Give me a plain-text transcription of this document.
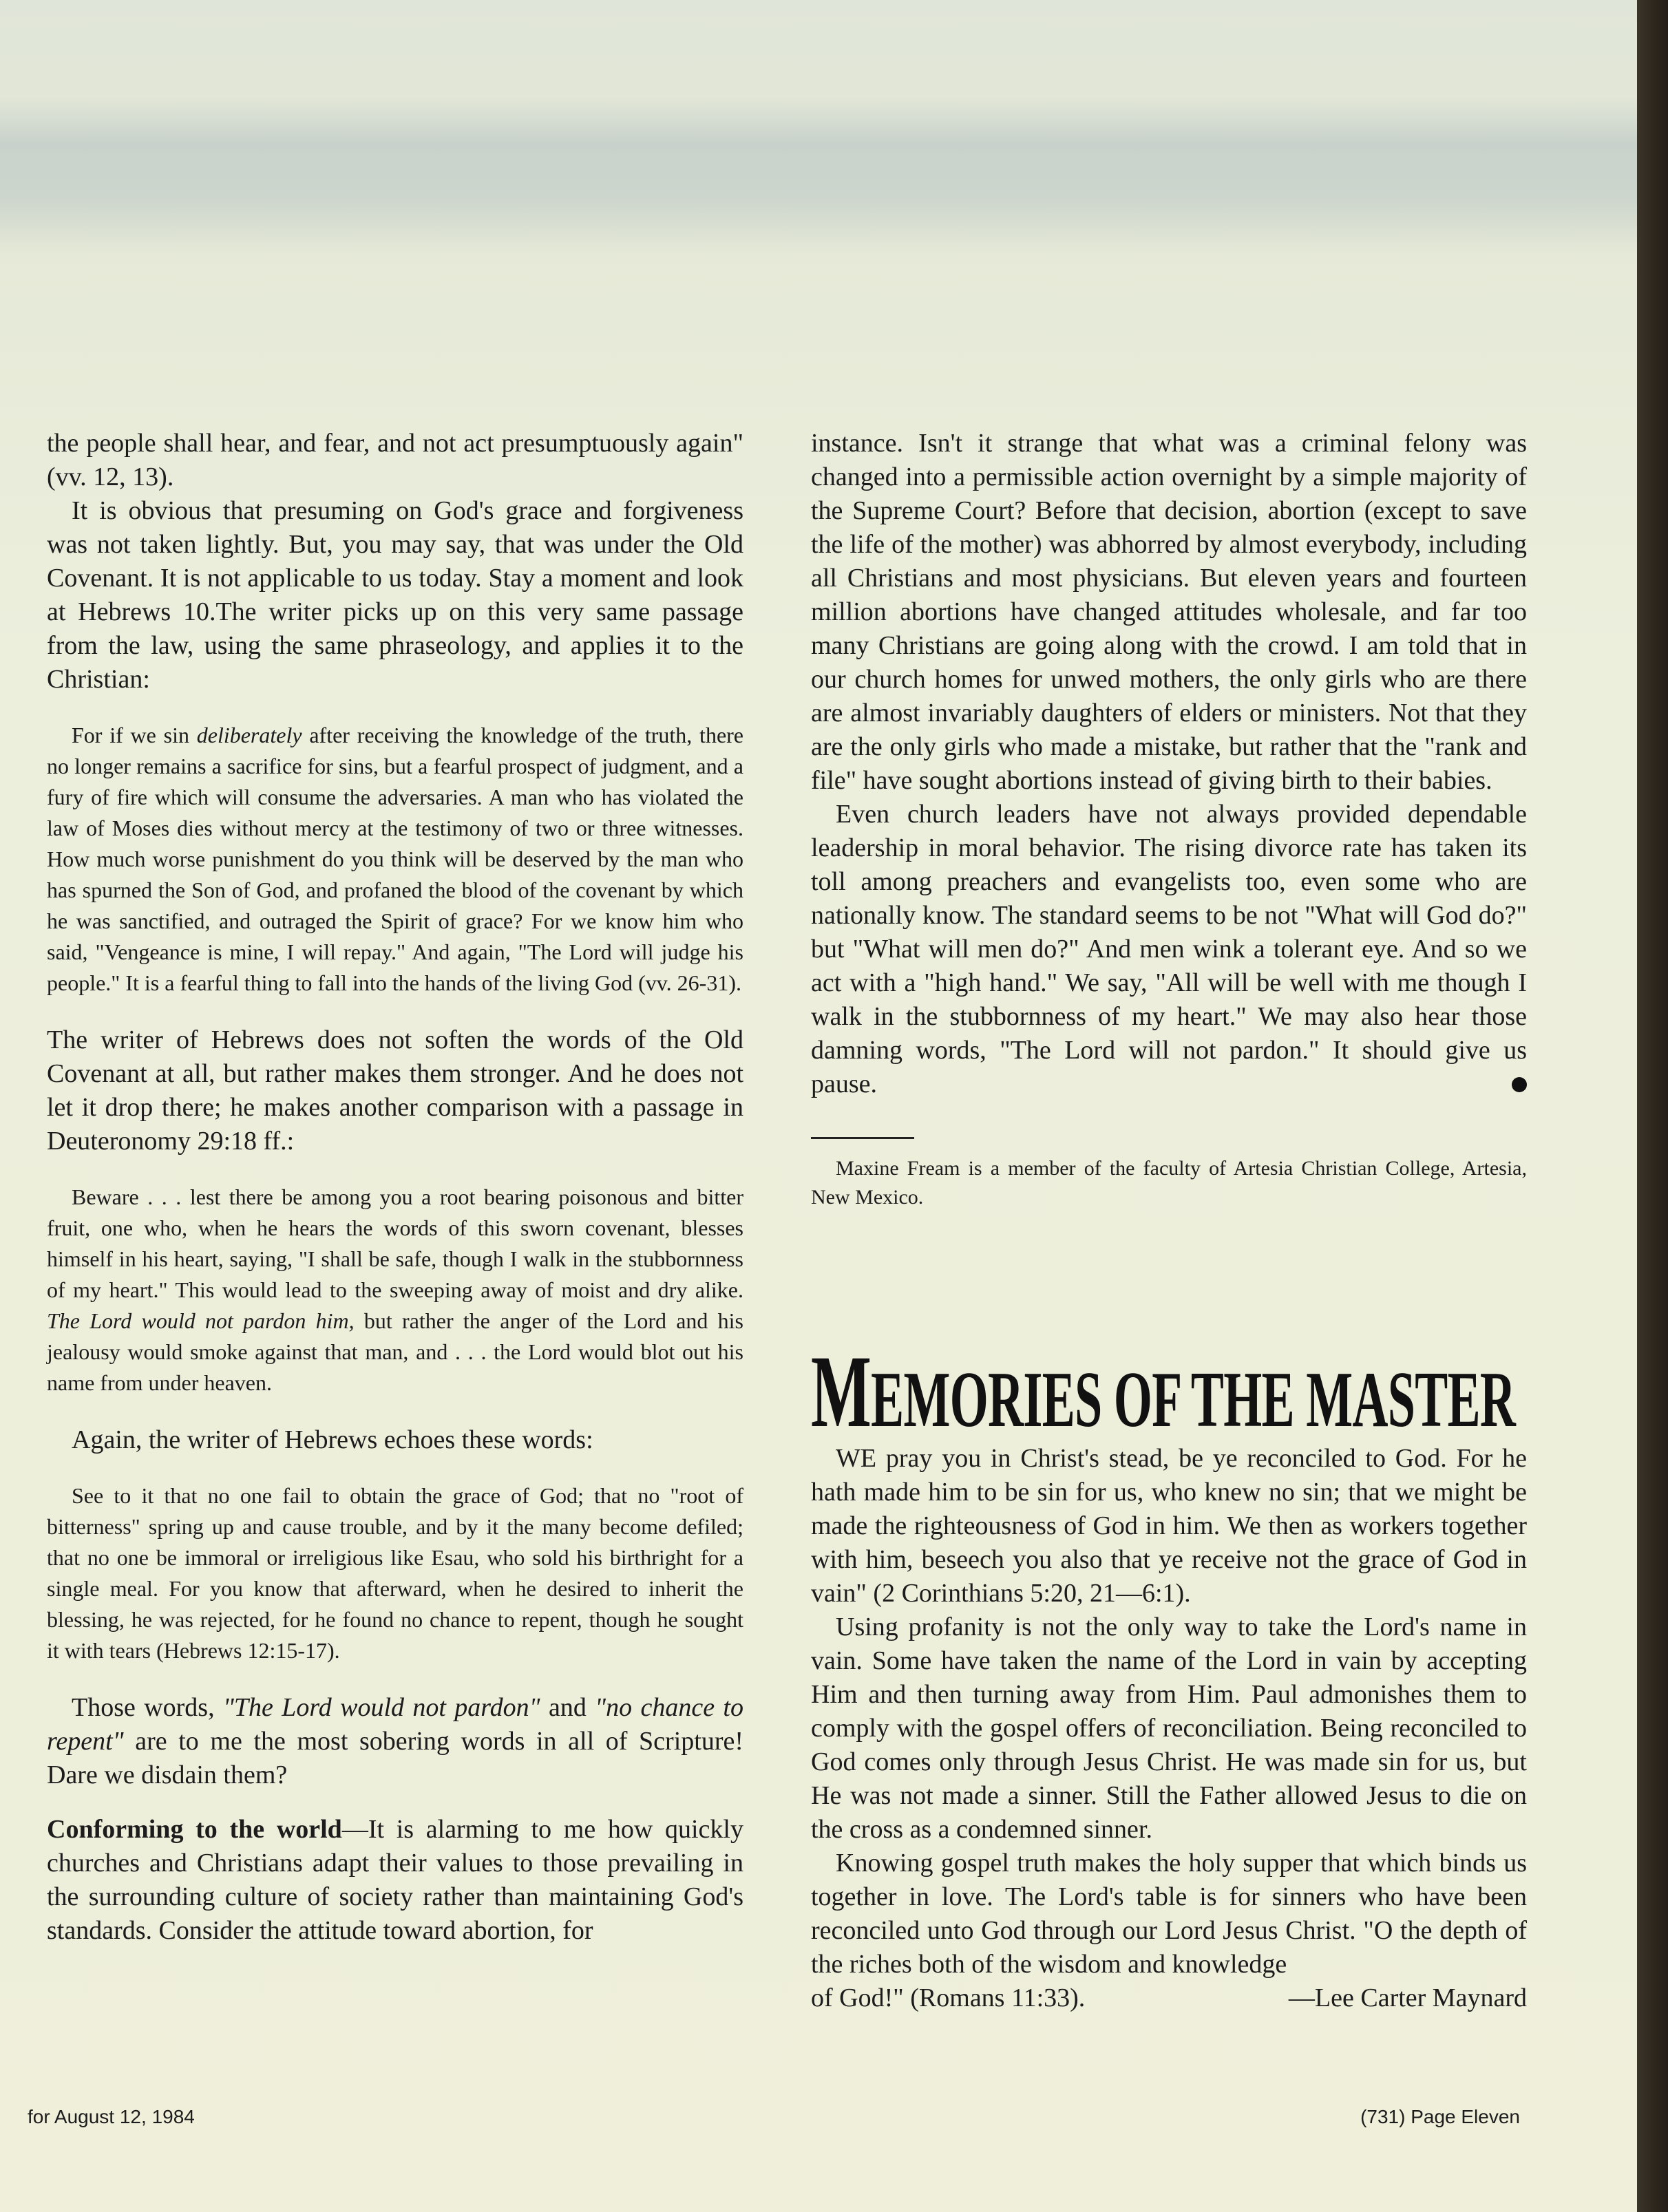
the people shall hear, and fear, and not act presumptuously again" (vv. 12, 13).

It is obvious that presuming on God's grace and forgiveness was not taken lightly. But, you may say, that was under the Old Covenant. It is not applicable to us today. Stay a moment and look at Hebrews 10.The writer picks up on this very same passage from the law, using the same phraseology, and applies it to the Christian:

For if we sin deliberately after receiving the knowledge of the truth, there no longer remains a sacrifice for sins, but a fearful prospect of judgment, and a fury of fire which will consume the adversaries. A man who has violated the law of Moses dies without mercy at the testimony of two or three witnesses. How much worse punishment do you think will be deserved by the man who has spurned the Son of God, and profaned the blood of the covenant by which he was sanctified, and outraged the Spirit of grace? For we know him who said, "Vengeance is mine, I will repay." And again, "The Lord will judge his people." It is a fearful thing to fall into the hands of the living God (vv. 26-31).

The writer of Hebrews does not soften the words of the Old Covenant at all, but rather makes them stronger. And he does not let it drop there; he makes another comparison with a passage in Deuteronomy 29:18 ff.:

Beware . . . lest there be among you a root bearing poisonous and bitter fruit, one who, when he hears the words of this sworn covenant, blesses himself in his heart, saying, "I shall be safe, though I walk in the stubbornness of my heart." This would lead to the sweeping away of moist and dry alike. The Lord would not pardon him, but rather the anger of the Lord and his jealousy would smoke against that man, and . . . the Lord would blot out his name from under heaven.

Again, the writer of Hebrews echoes these words:

See to it that no one fail to obtain the grace of God; that no "root of bitterness" spring up and cause trouble, and by it the many become defiled; that no one be immoral or irreligious like Esau, who sold his birthright for a single meal. For you know that afterward, when he desired to inherit the blessing, he was rejected, for he found no chance to repent, though he sought it with tears (Hebrews 12:15-17).

Those words, "The Lord would not pardon" and "no chance to repent" are to me the most sobering words in all of Scripture! Dare we disdain them?

Conforming to the world—It is alarming to me how quickly churches and Christians adapt their values to those prevailing in the surrounding culture of society rather than maintaining God's standards. Consider the attitude toward abortion, for

instance. Isn't it strange that what was a criminal felony was changed into a permissible action overnight by a simple majority of the Supreme Court? Before that decision, abortion (except to save the life of the mother) was abhorred by almost everybody, including all Christians and most physicians. But eleven years and fourteen million abortions have changed attitudes wholesale, and far too many Christians are going along with the crowd. I am told that in our church homes for unwed mothers, the only girls who are there are almost invariably daughters of elders or ministers. Not that they are the only girls who made a mistake, but rather that the "rank and file" have sought abortions instead of giving birth to their babies.

Even church leaders have not always provided dependable leadership in moral behavior. The rising divorce rate has taken its toll among preachers and evangelists too, even some who are nationally know. The standard seems to be not "What will God do?" but "What will men do?" And men wink a tolerant eye. And so we act with a "high hand." We say, "All will be well with me though I walk in the stubbornness of my heart." We may also hear those damning words, "The Lord will not pardon." It should give us pause.

Maxine Fream is a member of the faculty of Artesia Christian College, Artesia, New Mexico.

MEMORIES OF THE MASTER

WE pray you in Christ's stead, be ye reconciled to God. For he hath made him to be sin for us, who knew no sin; that we might be made the righteousness of God in him. We then as workers together with him, beseech you also that ye receive not the grace of God in vain" (2 Corinthians 5:20, 21—6:1).

Using profanity is not the only way to take the Lord's name in vain. Some have taken the name of the Lord in vain by accepting Him and then turning away from Him. Paul admonishes them to comply with the gospel offers of reconciliation. Being reconciled to God comes only through Jesus Christ. He was made sin for us, but He was not made a sinner. Still the Father allowed Jesus to die on the cross as a condemned sinner.

Knowing gospel truth makes the holy supper that which binds us together in love. The Lord's table is for sinners who have been reconciled unto God through our Lord Jesus Christ. "O the depth of the riches both of the wisdom and knowledge

of God!" (Romans 11:33).	—Lee Carter Maynard
for August 12, 1984	(731) Page Eleven
